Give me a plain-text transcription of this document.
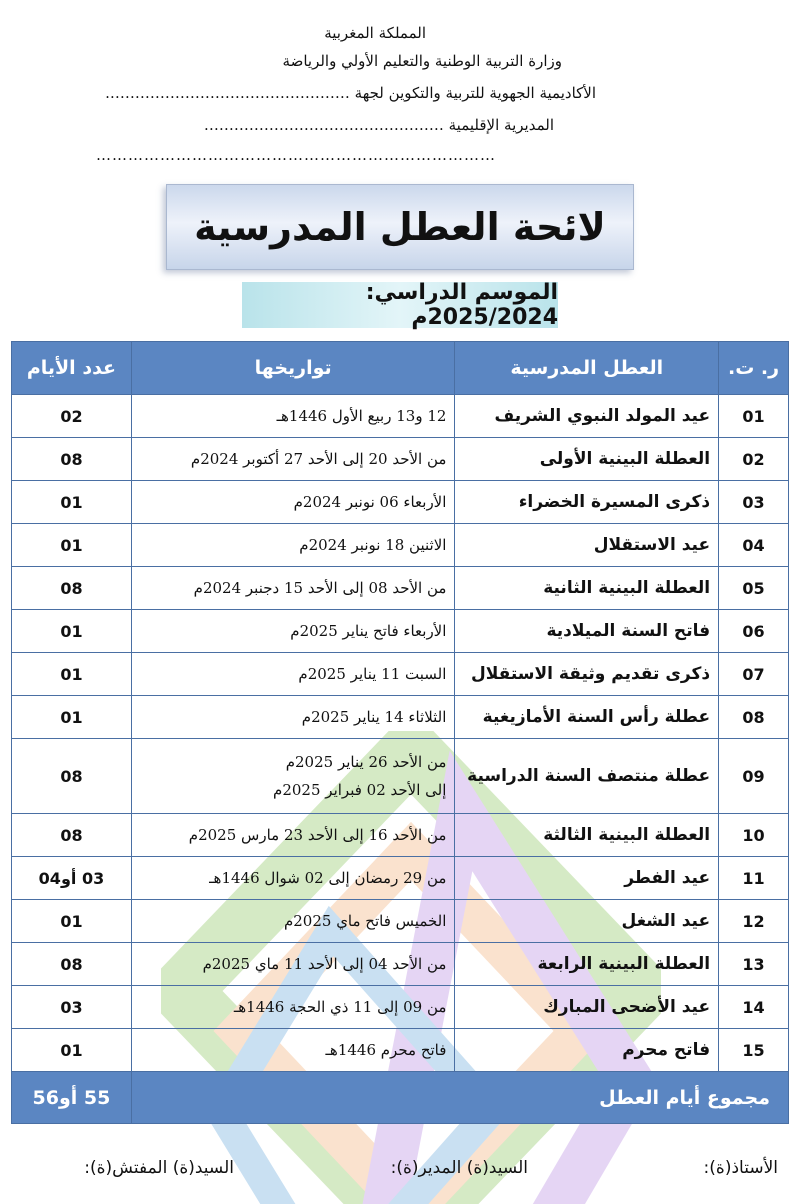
المملكة المغربية
وزارة التربية الوطنية والتعليم الأولي والرياضة
الأكاديمية الجهوية للتربية والتكوين لجهة ………………………………………….
المديرية الإقليمية …………………………………………
…………………………………………………………………
لائحة العطل المدرسية
الموسم الدراسي: 2025/2024م
ر. ت.	العطل المدرسية	تواريخها	عدد الأيام
01	عيد المولد النبوي الشريف	12 و13 ربيع الأول 1446هـ	02
02	العطلة البينية الأولى	من الأحد 20 إلى الأحد 27 أكتوبر 2024م	08
03	ذكرى المسيرة الخضراء	الأربعاء 06 نونبر 2024م	01
04	عيد الاستقلال	الاثنين 18 نونبر 2024م	01
05	العطلة البينية الثانية	من الأحد 08 إلى الأحد 15 دجنبر 2024م	08
06	فاتح السنة الميلادية	الأربعاء فاتح يناير 2025م	01
07	ذكرى تقديم وثيقة الاستقلال	السبت 11 يناير 2025م	01
08	عطلة رأس السنة الأمازيغية	الثلاثاء 14 يناير 2025م	01
09	عطلة منتصف السنة الدراسية	من الأحد 26 يناير 2025م
إلى الأحد 02 فبراير 2025م	08
10	العطلة البينية الثالثة	من الأحد 16 إلى الأحد 23 مارس 2025م	08
11	عيد الفطر	من 29 رمضان إلى 02 شوال 1446هـ	03 أو04
12	عيد الشغل	الخميس فاتح ماي 2025م	01
13	العطلة البينية الرابعة	من الأحد 04 إلى الأحد 11 ماي 2025م	08
14	عيد الأضحى المبارك	من 09 إلى 11 ذي الحجة 1446هـ	03
15	فاتح محرم	فاتح محرم 1446هـ	01
مجموع أيام العطل			55 أو56
الأستاذ(ة):
السيد(ة) المدير(ة):
السيد(ة) المفتش(ة):
